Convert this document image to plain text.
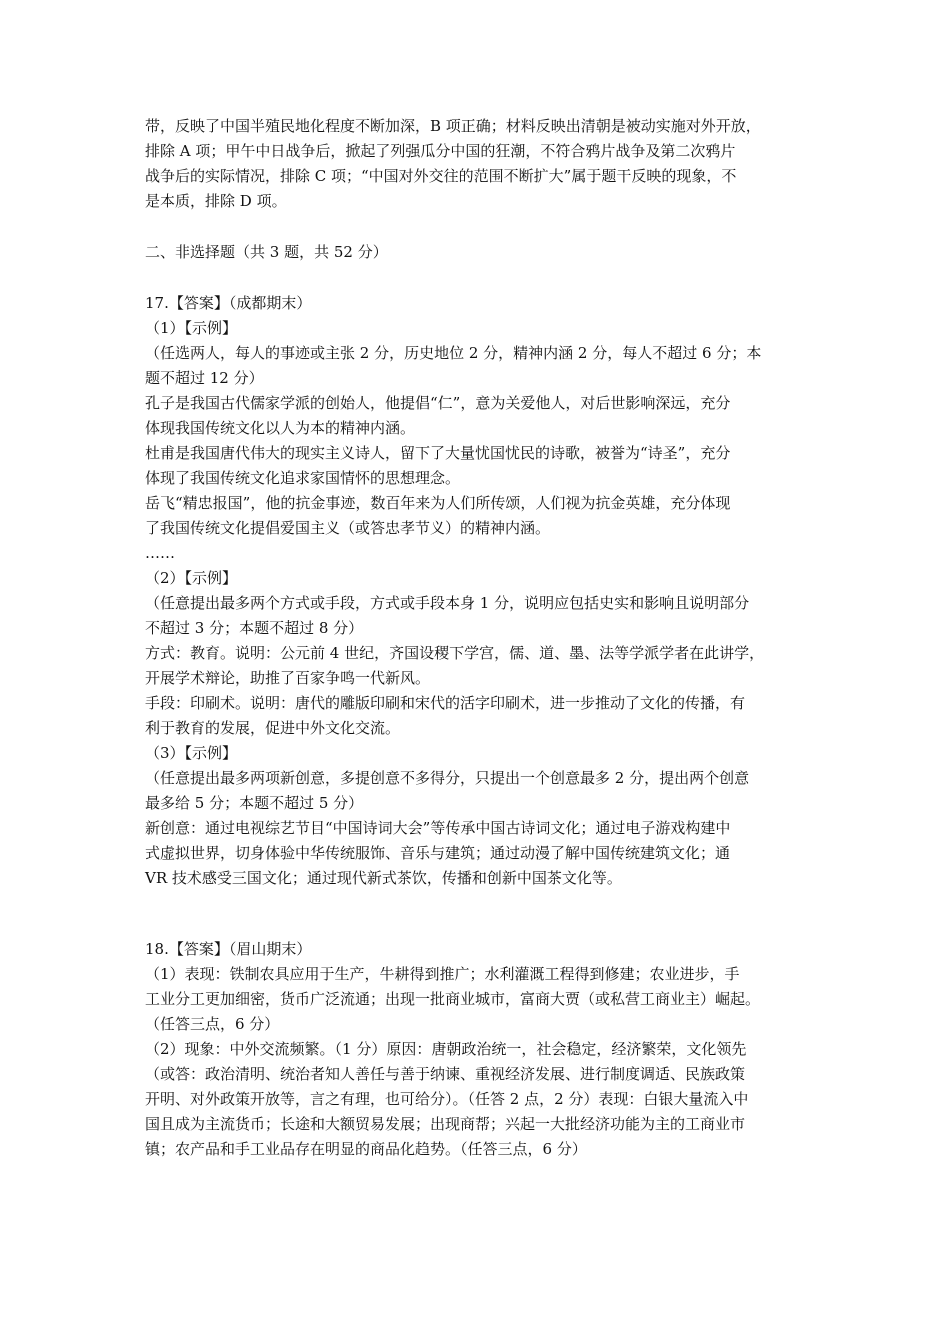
带，反映了中国半殖民地化程度不断加深，B 项正确；材料反映出清朝是被动实施对外开放，
排除 A 项；甲午中日战争后，掀起了列强瓜分中国的狂潮，不符合鸦片战争及第二次鸦片
战争后的实际情况，排除 C 项；“中国对外交往的范围不断扩大”属于题干反映的现象，不
是本质，排除 D 项。
二、非选择题（共 3 题，共 52 分）
17.【答案】（成都期末）
（1）【示例】
（任选两人，每人的事迹或主张 2 分，历史地位 2 分，精神内涵 2 分，每人不超过 6 分；本
题不超过 12 分）
孔子是我国古代儒家学派的创始人，他提倡“仁”，意为关爱他人，对后世影响深远，充分
体现我国传统文化以人为本的精神内涵。
杜甫是我国唐代伟大的现实主义诗人，留下了大量忧国忧民的诗歌，被誉为“诗圣”，充分
体现了我国传统文化追求家国情怀的思想理念。
岳飞“精忠报国”，他的抗金事迹，数百年来为人们所传颂，人们视为抗金英雄，充分体现
了我国传统文化提倡爱国主义（或答忠孝节义）的精神内涵。
……
（2）【示例】
（任意提出最多两个方式或手段，方式或手段本身 1 分，说明应包括史实和影响且说明部分
不超过 3 分；本题不超过 8 分）
方式：教育。说明：公元前 4 世纪，齐国设稷下学宫，儒、道、墨、法等学派学者在此讲学，
开展学术辩论，助推了百家争鸣一代新风。
手段：印刷术。说明：唐代的雕版印刷和宋代的活字印刷术，进一步推动了文化的传播，有
利于教育的发展，促进中外文化交流。
（3）【示例】
（任意提出最多两项新创意，多提创意不多得分，只提出一个创意最多 2 分，提出两个创意
最多给 5 分；本题不超过 5 分）
新创意：通过电视综艺节目“中国诗词大会”等传承中国古诗词文化；通过电子游戏构建中
式虚拟世界，切身体验中华传统服饰、音乐与建筑；通过动漫了解中国传统建筑文化；通
VR 技术感受三国文化；通过现代新式茶饮，传播和创新中国茶文化等。
18.【答案】（眉山期末）
（1）表现：铁制农具应用于生产，牛耕得到推广；水利灌溉工程得到修建；农业进步，手
工业分工更加细密，货币广泛流通；出现一批商业城市，富商大贾（或私营工商业主）崛起。
（任答三点，6 分）
（2）现象：中外交流频繁。（1 分）原因：唐朝政治统一，社会稳定，经济繁荣，文化领先
（或答：政治清明、统治者知人善任与善于纳谏、重视经济发展、进行制度调适、民族政策
开明、对外政策开放等，言之有理，也可给分）。（任答 2 点，2 分）表现：白银大量流入中
国且成为主流货币；长途和大额贸易发展；出现商帮；兴起一大批经济功能为主的工商业市
镇；农产品和手工业品存在明显的商品化趋势。（任答三点，6 分）
